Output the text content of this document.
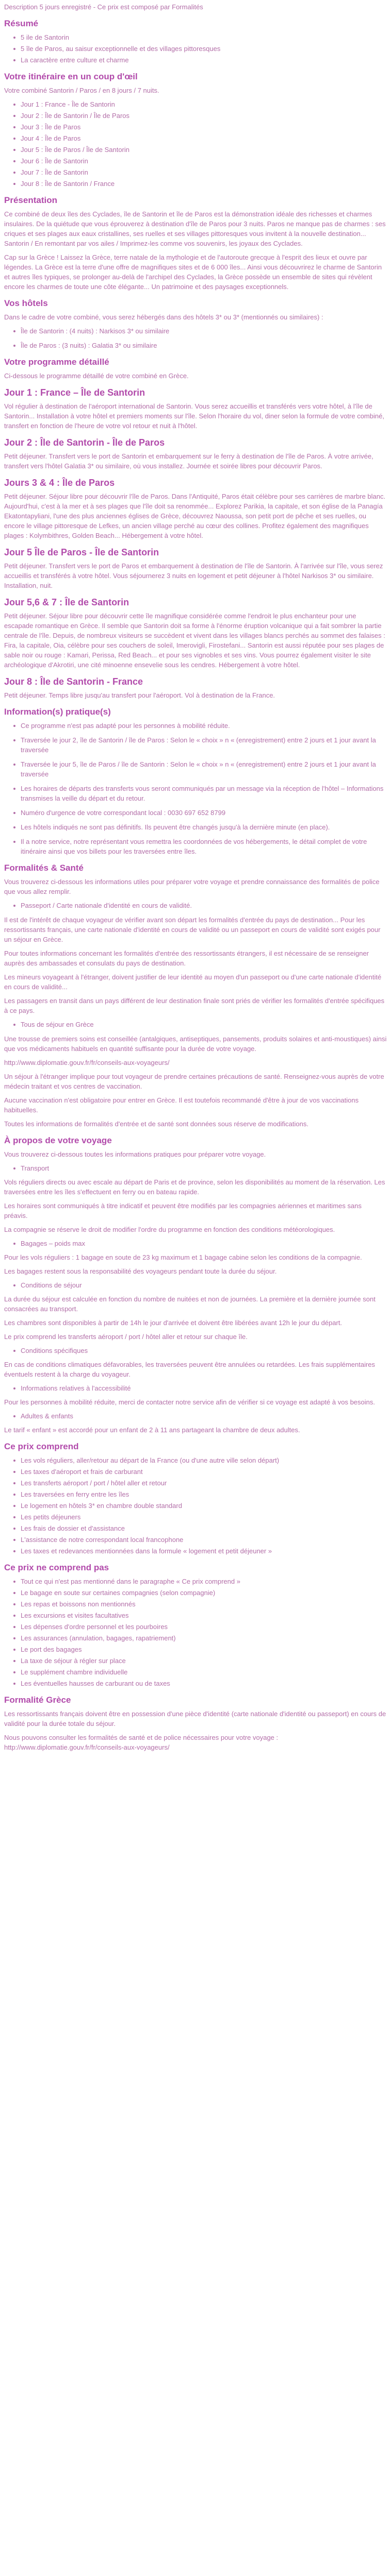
Description 5 jours enregistré - Ce prix est composé par Formalités
Résumé
5 ile de Santorin
5 île de Paros, au saisur exceptionnelle et des villages pittoresques
La caractère entre culture et charme
Votre itinéraire en un coup d'œil
Votre combiné Santorin / Paros / en 8 jours / 7 nuits.
Jour 1 : France - Île de Santorin
Jour 2 : Île de Santorin / Île de Paros
Jour 3 : Île de Paros
Jour 4 : Île de Paros
Jour 5 : Île de Paros / Île de Santorin
Jour 6 : Île de Santorin
Jour 7 : Île de Santorin
Jour 8 : Île de Santorin / France
Présentation
Ce combiné de deux îles des Cyclades, île de Santorin et île de Paros est la démonstration idéale des richesses et charmes insulaires. De la quiétude que vous éprouverez à destination d'île de Paros pour 3 nuits. Paros ne manque pas de charmes : ses criques et ses plages aux eaux cristallines, ses ruelles et ses villages pittoresques vous invitent à la nouvelle destination... Santorin / En remontant par vos ailes / Imprimez-les comme vos souvenirs, les joyaux des Cyclades.
Cap sur la Grèce ! Laissez la Grèce, terre natale de la mythologie et de l'autoroute grecque à l'esprit des lieux et ouvre par légendes. La Grèce est la terre d'une offre de magnifiques sites et de 6 000 îles... Ainsi vous découvrirez le charme de Santorin et autres îles typiques, se prolonger au-delà de l'archipel des Cyclades, la Grèce possède un ensemble de sites qui révèlent encore les charmes de toute une côte élégante... Un patrimoine et des paysages exceptionnels.
Vos hôtels
Dans le cadre de votre combiné, vous serez hébergés dans des hôtels 3* ou 3* (mentionnés ou similaires) :
Île de Santorin : (4 nuits) : Narkisos 3* ou similaire
Île de Paros : (3 nuits) : Galatia 3* ou similaire
Votre programme détaillé
Ci-dessous le programme détaillé de votre combiné en Grèce.
Jour 1 : France – Île de Santorin
Vol régulier à destination de l'aéroport international de Santorin. Vous serez accueillis et transférés vers votre hôtel, à l'île de Santorin... Installation à votre hôtel et premiers moments sur l'île. Selon l'horaire du vol, diner selon la formule de votre combiné, transfert en fonction de l'heure de votre vol retour et nuit à l'hôtel.
Jour 2 : Île de Santorin - Île de Paros
Petit déjeuner. Transfert vers le port de Santorin et embarquement sur le ferry à destination de l'île de Paros. À votre arrivée, transfert vers l'hôtel Galatia 3* ou similaire, où vous installez. Journée et soirée libres pour découvrir Paros.
Jours 3 & 4 : Île de Paros
Petit déjeuner. Séjour libre pour découvrir l'île de Paros. Dans l'Antiquité, Paros était célèbre pour ses carrières de marbre blanc. Aujourd'hui, c'est à la mer et à ses plages que l'île doit sa renommée... Explorez Parikia, la capitale, et son église de la Panagía Ekatontapyliani, l'une des plus anciennes églises de Grèce, découvrez Naoussa, son petit port de pêche et ses ruelles, ou encore le village pittoresque de Lefkes, un ancien village perché au cœur des collines. Profitez également des magnifiques plages : Kolymbithres, Golden Beach... Hébergement à votre hôtel.
Jour 5 Île de Paros - Île de Santorin
Petit déjeuner. Transfert vers le port de Paros et embarquement à destination de l'île de Santorin. À l'arrivée sur l'île, vous serez accueillis et transférés à votre hôtel. Vous séjournerez 3 nuits en logement et petit déjeuner à l'hôtel Narkisos 3* ou similaire. Installation, nuit.
Jour 5,6 & 7 : Île de Santorin
Petit déjeuner. Séjour libre pour découvrir cette île magnifique considérée comme l'endroit le plus enchanteur pour une escapade romantique en Grèce. Il semble que Santorin doit sa forme à l'énorme éruption volcanique qui a fait sombrer la partie centrale de l'île. Depuis, de nombreux visiteurs se succèdent et vivent dans les villages blancs perchés au sommet des falaises : Fira, la capitale, Oia, célèbre pour ses couchers de soleil, Imerovigli, Firostefani... Santorin est aussi réputée pour ses plages de sable noir ou rouge : Kamari, Perissa, Red Beach... et pour ses vignobles et ses vins. Vous pourrez également visiter le site archéologique d'Akrotiri, une cité minoenne ensevelie sous les cendres. Hébergement à votre hôtel.
Jour 8 : Île de Santorin - France
Petit déjeuner. Temps libre jusqu'au transfert pour l'aéroport. Vol à destination de la France.
Information(s) pratique(s)
Ce programme n'est pas adapté pour les personnes à mobilité réduite.
Traversée le jour 2, île de Santorin / île de Paros : Selon le « choix » n « (enregistrement) entre 2 jours et 1 jour avant la traversée
Traversée le jour 5, île de Paros / île de Santorin : Selon le « choix » n « (enregistrement) entre 2 jours et 1 jour avant la traversée
Les horaires de départs des transferts vous seront communiqués par un message via la réception de l'hôtel – Informations transmises la veille du départ et du retour.
Numéro d'urgence de votre correspondant local : 0030 697 652 8799
Les hôtels indiqués ne sont pas définitifs. Ils peuvent être changés jusqu'à la dernière minute (en place).
Il a notre service, notre représentant vous remettra les coordonnées de vos hébergements, le détail complet de votre itinéraire ainsi que vos billets pour les traversées entre îles.
Formalités & Santé
Vous trouverez ci-dessous les informations utiles pour préparer votre voyage et prendre connaissance des formalités de police que vous allez remplir.
Passeport / Carte nationale d'identité en cours de validité.
Il est de l'intérêt de chaque voyageur de vérifier avant son départ les formalités d'entrée du pays de destination... Pour les ressortissants français, une carte nationale d'identité en cours de validité ou un passeport en cours de validité sont exigés pour un séjour en Grèce.
Pour toutes informations concernant les formalités d'entrée des ressortissants étrangers, il est nécessaire de se renseigner auprès des ambassades et consulats du pays de destination.
Les mineurs voyageant à l'étranger, doivent justifier de leur identité au moyen d'un passeport ou d'une carte nationale d'identité en cours de validité...
Les passagers en transit dans un pays différent de leur destination finale sont priés de vérifier les formalités d'entrée spécifiques à ce pays.
Tous de séjour en Grèce
Une trousse de premiers soins est conseillée (antalgiques, antiseptiques, pansements, produits solaires et anti-moustiques) ainsi que vos médicaments habituels en quantité suffisante pour la durée de votre voyage.
http://www.diplomatie.gouv.fr/fr/conseils-aux-voyageurs/
Un séjour à l'étranger implique pour tout voyageur de prendre certaines précautions de santé. Renseignez-vous auprès de votre médecin traitant et vos centres de vaccination.
Aucune vaccination n'est obligatoire pour entrer en Grèce. Il est toutefois recommandé d'être à jour de vos vaccinations habituelles.
Toutes les informations de formalités d'entrée et de santé sont données sous réserve de modifications.
À propos de votre voyage
Vous trouverez ci-dessous toutes les informations pratiques pour préparer votre voyage.
Transport
Vols réguliers directs ou avec escale au départ de Paris et de province, selon les disponibilités au moment de la réservation. Les traversées entre les îles s'effectuent en ferry ou en bateau rapide.
Les horaires sont communiqués à titre indicatif et peuvent être modifiés par les compagnies aériennes et maritimes sans préavis.
La compagnie se réserve le droit de modifier l'ordre du programme en fonction des conditions météorologiques.
Bagages – poids max
Pour les vols réguliers : 1 bagage en soute de 23 kg maximum et 1 bagage cabine selon les conditions de la compagnie.
Les bagages restent sous la responsabilité des voyageurs pendant toute la durée du séjour.
Conditions de séjour
La durée du séjour est calculée en fonction du nombre de nuitées et non de journées. La première et la dernière journée sont consacrées au transport.
Les chambres sont disponibles à partir de 14h le jour d'arrivée et doivent être libérées avant 12h le jour du départ.
Le prix comprend les transferts aéroport / port / hôtel aller et retour sur chaque île.
Conditions spécifiques
En cas de conditions climatiques défavorables, les traversées peuvent être annulées ou retardées. Les frais supplémentaires éventuels restent à la charge du voyageur.
Informations relatives à l'accessibilité
Pour les personnes à mobilité réduite, merci de contacter notre service afin de vérifier si ce voyage est adapté à vos besoins.
Adultes & enfants
Le tarif « enfant » est accordé pour un enfant de 2 à 11 ans partageant la chambre de deux adultes.
Ce prix comprend
Les vols réguliers, aller/retour au départ de la France (ou d'une autre ville selon départ)
Les taxes d'aéroport et frais de carburant
Les transferts aéroport / port / hôtel aller et retour
Les traversées en ferry entre les îles
Le logement en hôtels 3* en chambre double standard
Les petits déjeuners
Les frais de dossier et d'assistance
L'assistance de notre correspondant local francophone
Les taxes et redevances mentionnées dans la formule « logement et petit déjeuner »
Ce prix ne comprend pas
Tout ce qui n'est pas mentionné dans le paragraphe « Ce prix comprend »
Le bagage en soute sur certaines compagnies (selon compagnie)
Les repas et boissons non mentionnés
Les excursions et visites facultatives
Les dépenses d'ordre personnel et les pourboires
Les assurances (annulation, bagages, rapatriement)
Le port des bagages
La taxe de séjour à régler sur place
Le supplément chambre individuelle
Les éventuelles hausses de carburant ou de taxes
Formalité Grèce
Les ressortissants français doivent être en possession d'une pièce d'identité (carte nationale d'identité ou passeport) en cours de validité pour la durée totale du séjour.
Nous pouvons consulter les formalités de santé et de police nécessaires pour votre voyage : http://www.diplomatie.gouv.fr/fr/conseils-aux-voyageurs/
